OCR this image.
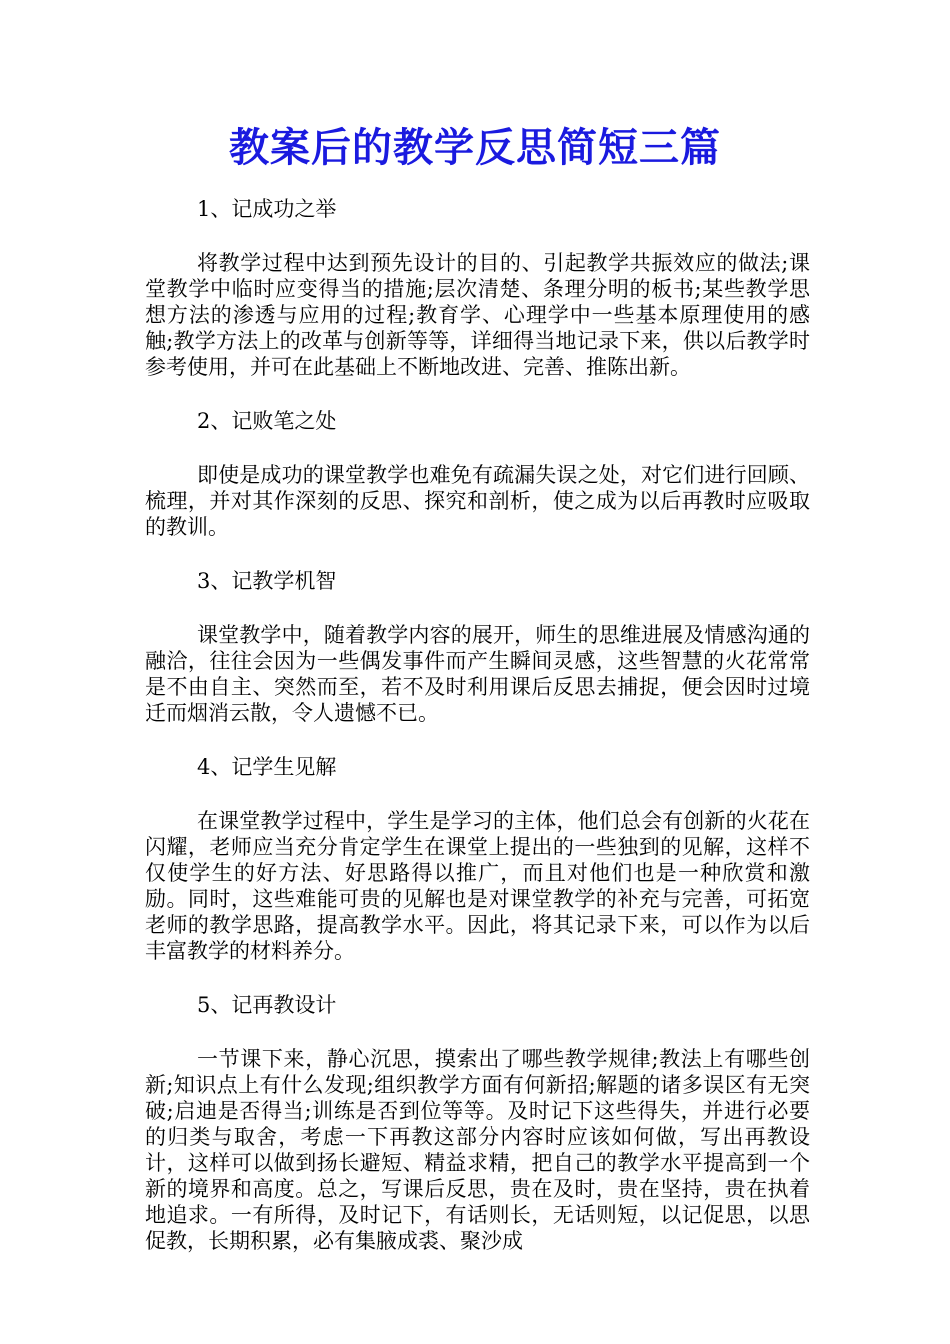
教案后的教学反思简短三篇
1、记成功之举

将教学过程中达到预先设计的目的、引起教学共振效应的做法;课堂教学中临时应变得当的措施;层次清楚、条理分明的板书;某些教学思想方法的渗透与应用的过程;教育学、心理学中一些基本原理使用的感触;教学方法上的改革与创新等等，详细得当地记录下来，供以后教学时参考使用，并可在此基础上不断地改进、完善、推陈出新。

2、记败笔之处

即使是成功的课堂教学也难免有疏漏失误之处，对它们进行回顾、梳理，并对其作深刻的反思、探究和剖析，使之成为以后再教时应吸取的教训。

3、记教学机智

课堂教学中，随着教学内容的展开，师生的思维进展及情感沟通的融洽，往往会因为一些偶发事件而产生瞬间灵感，这些智慧的火花常常是不由自主、突然而至，若不及时利用课后反思去捕捉，便会因时过境迁而烟消云散，令人遗憾不已。

4、记学生见解

在课堂教学过程中，学生是学习的主体，他们总会有创新的火花在闪耀，老师应当充分肯定学生在课堂上提出的一些独到的见解，这样不仅使学生的好方法、好思路得以推广，而且对他们也是一种欣赏和激励。同时，这些难能可贵的见解也是对课堂教学的补充与完善，可拓宽老师的教学思路，提高教学水平。因此，将其记录下来，可以作为以后丰富教学的材料养分。

5、记再教设计

一节课下来，静心沉思，摸索出了哪些教学规律;教法上有哪些创新;知识点上有什么发现;组织教学方面有何新招;解题的诸多误区有无突破;启迪是否得当;训练是否到位等等。及时记下这些得失，并进行必要的归类与取舍，考虑一下再教这部分内容时应该如何做，写出再教设计，这样可以做到扬长避短、精益求精，把自己的教学水平提高到一个新的境界和高度。总之，写课后反思，贵在及时，贵在坚持，贵在执着地追求。一有所得，及时记下，有话则长，无话则短，以记促思，以思促教，长期积累，必有集腋成裘、聚沙成
